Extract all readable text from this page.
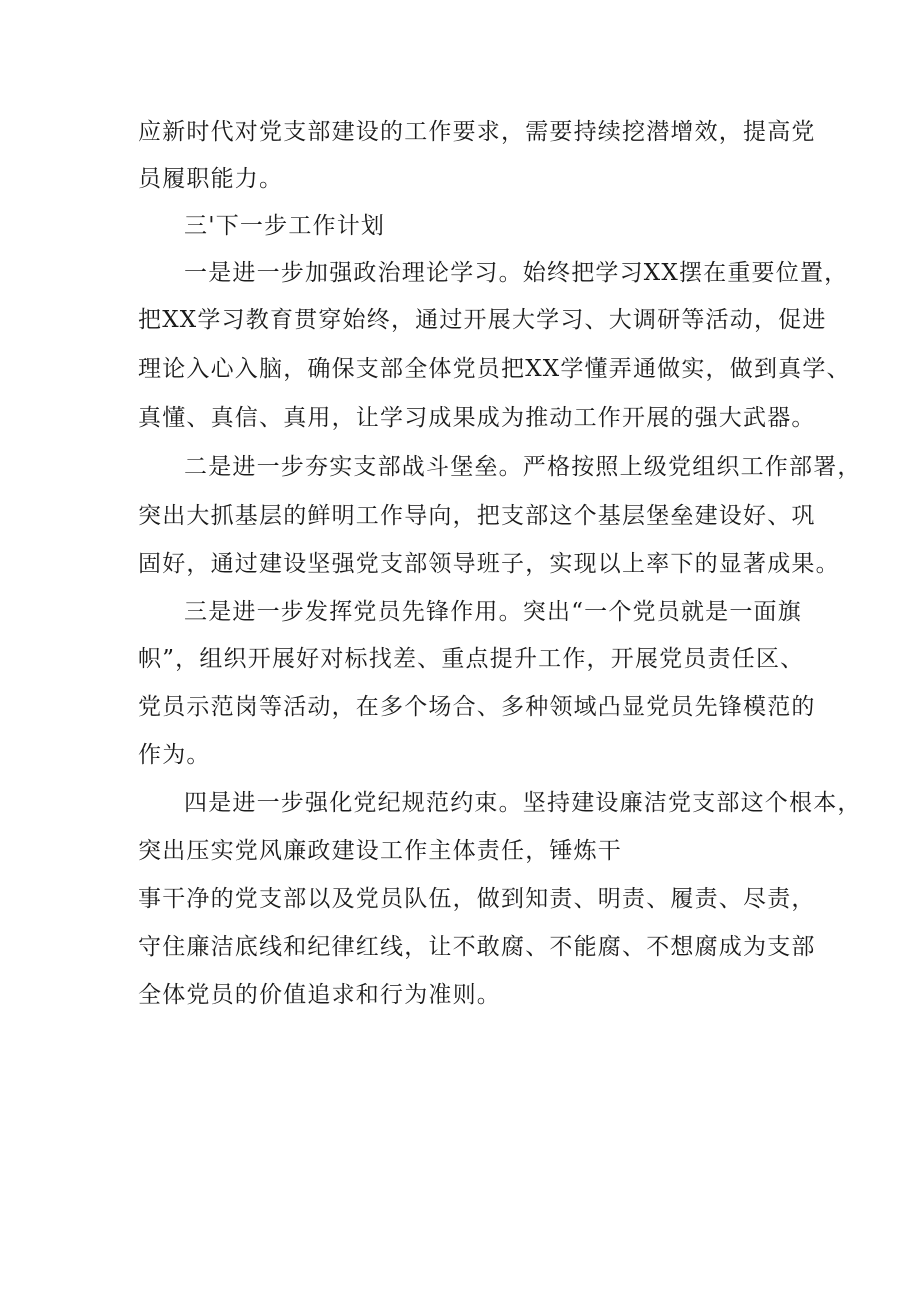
应新时代对党支部建设的工作要求，需要持续挖潜增效，提高党
员履职能力。
三'下一步工作计划
一是进一步加强政治理论学习。始终把学习XX摆在重要位置，
把XX学习教育贯穿始终，通过开展大学习、大调研等活动，促进
理论入心入脑，确保支部全体党员把XX学懂弄通做实，做到真学、
真懂、真信、真用，让学习成果成为推动工作开展的强大武器。
二是进一步夯实支部战斗堡垒。严格按照上级党组织工作部署，
突出大抓基层的鲜明工作导向，把支部这个基层堡垒建设好、巩
固好，通过建设坚强党支部领导班子，实现以上率下的显著成果。
三是进一步发挥党员先锋作用。突出“一个党员就是一面旗
帜”，组织开展好对标找差、重点提升工作，开展党员责任区、
党员示范岗等活动，在多个场合、多种领域凸显党员先锋模范的
作为。
四是进一步强化党纪规范约束。坚持建设廉洁党支部这个根本，
突出压实党风廉政建设工作主体责任，锤炼干
事干净的党支部以及党员队伍，做到知责、明责、履责、尽责，
守住廉洁底线和纪律红线，让不敢腐、不能腐、不想腐成为支部
全体党员的价值追求和行为准则。
